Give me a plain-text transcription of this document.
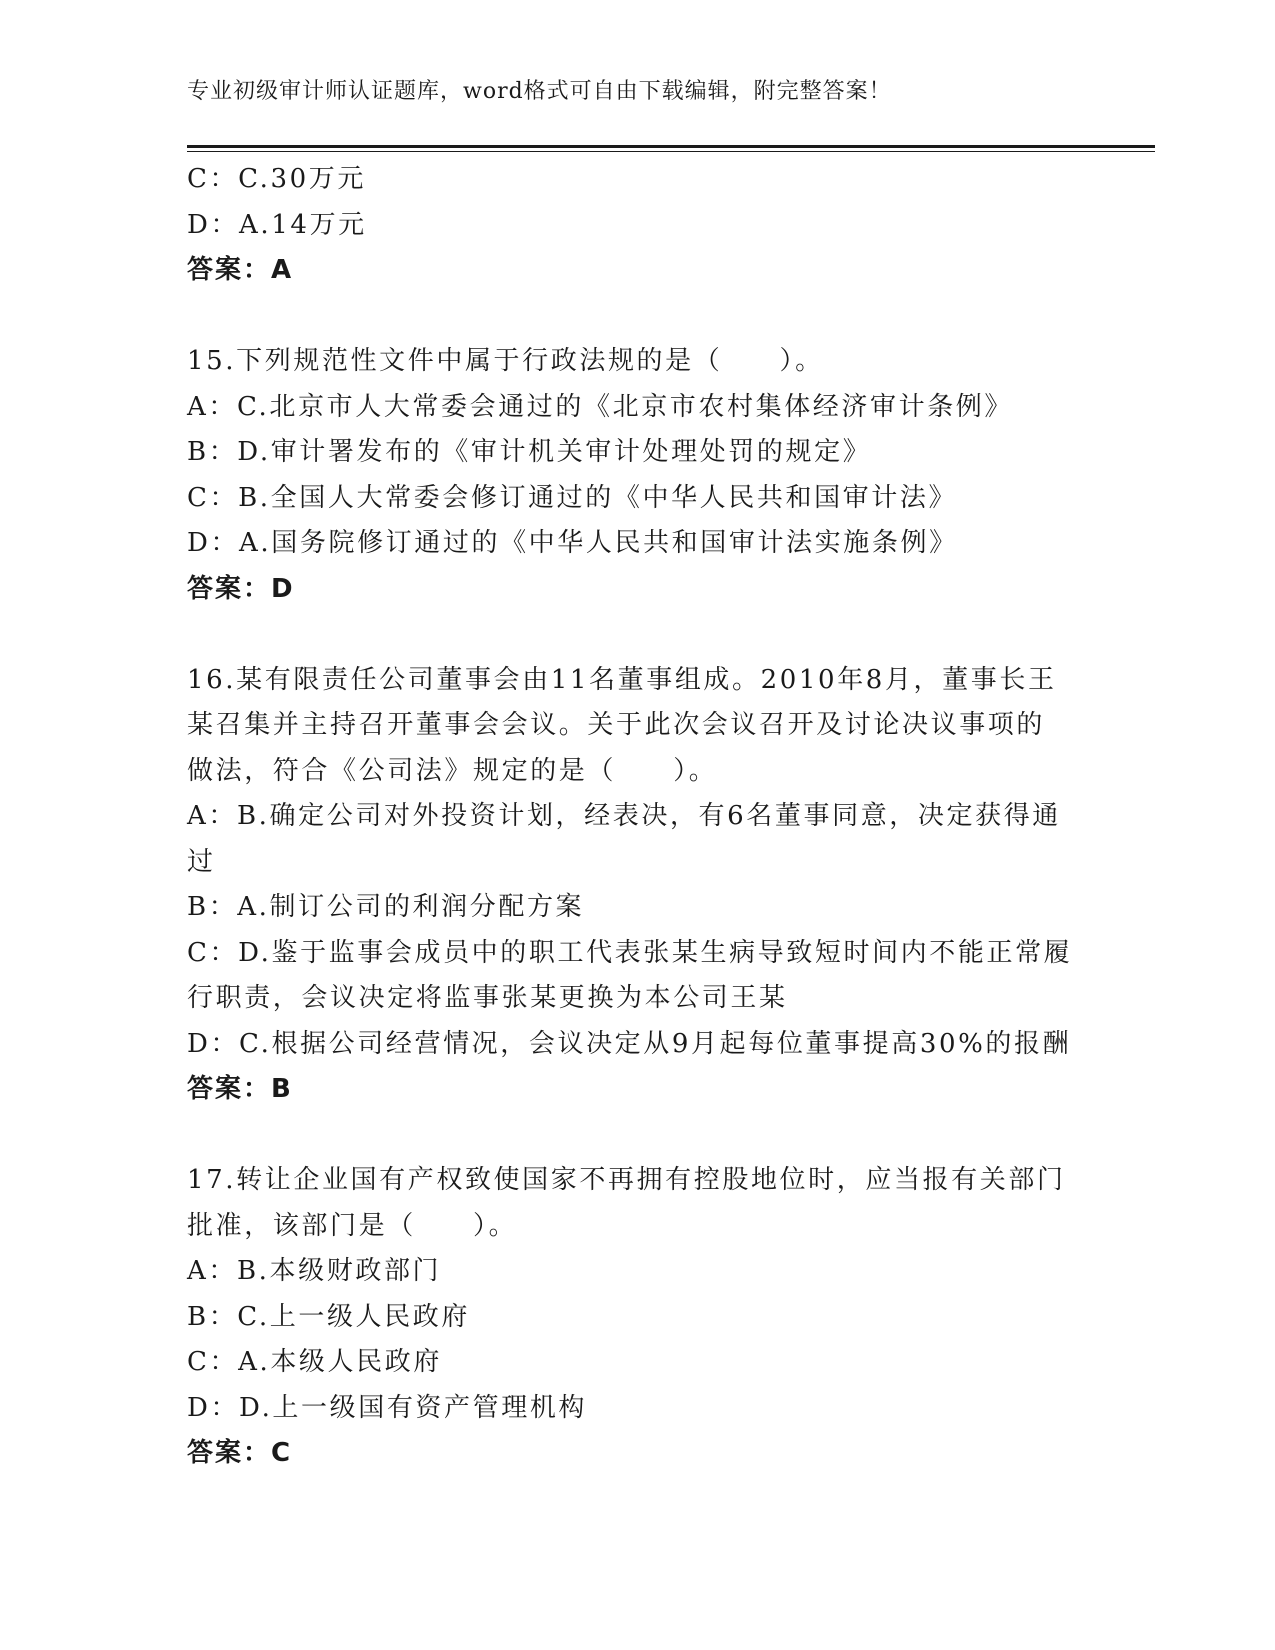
专业初级审计师认证题库，word格式可自由下载编辑，附完整答案！
C：C.30万元
D：A.14万元
答案：A
15.下列规范性文件中属于行政法规的是（　　）。
A：C.北京市人大常委会通过的《北京市农村集体经济审计条例》
B：D.审计署发布的《审计机关审计处理处罚的规定》
C：B.全国人大常委会修订通过的《中华人民共和国审计法》
D：A.国务院修订通过的《中华人民共和国审计法实施条例》
答案：D
16.某有限责任公司董事会由11名董事组成。2010年8月，董事长王
某召集并主持召开董事会会议。关于此次会议召开及讨论决议事项的
做法，符合《公司法》规定的是（　　）。
A：B.确定公司对外投资计划，经表决，有6名董事同意，决定获得通
过
B：A.制订公司的利润分配方案
C：D.鉴于监事会成员中的职工代表张某生病导致短时间内不能正常履
行职责，会议决定将监事张某更换为本公司王某
D：C.根据公司经营情况，会议决定从9月起每位董事提高30%的报酬
答案：B
17.转让企业国有产权致使国家不再拥有控股地位时，应当报有关部门
批准，该部门是（　　）。
A：B.本级财政部门
B：C.上一级人民政府
C：A.本级人民政府
D：D.上一级国有资产管理机构
答案：C
